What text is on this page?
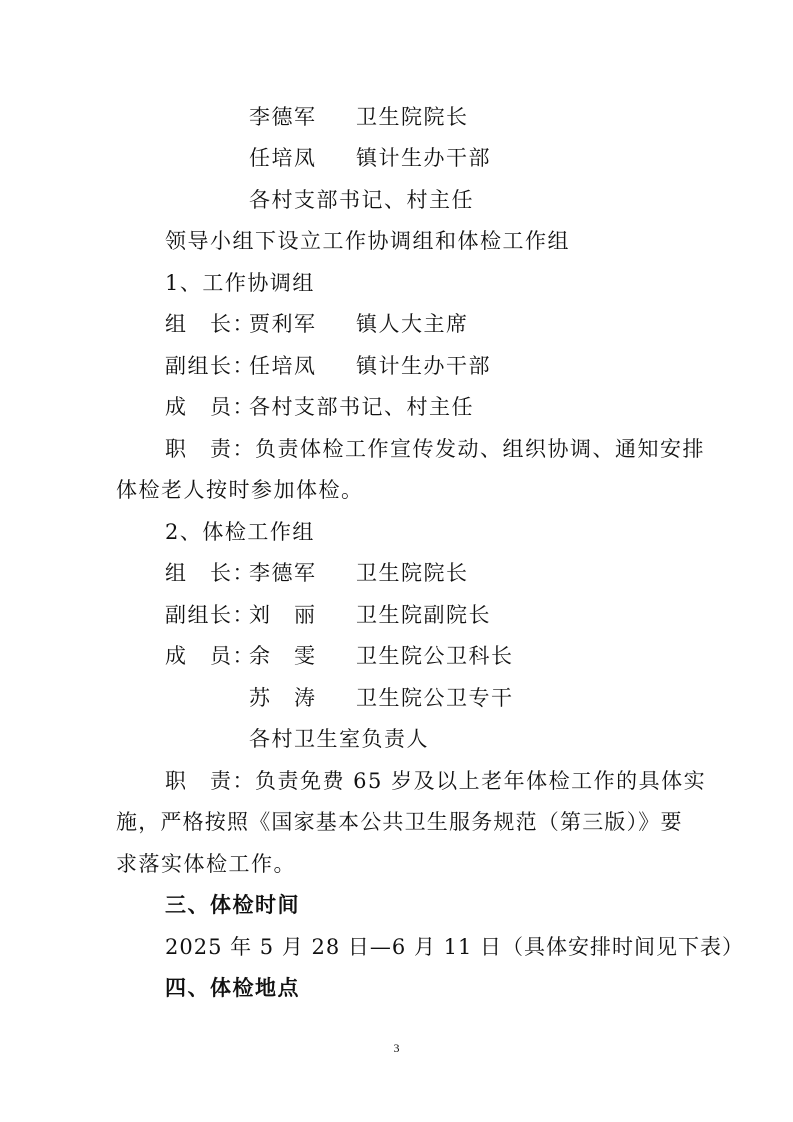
李德军 卫生院院长
任培凤 镇计生办干部
各村支部书记、村主任
领导小组下设立工作协调组和体检工作组
1、工作协调组
组　长：
贾利军 镇人大主席
副组长：
任培凤 镇计生办干部
成　员：
各村支部书记、村主任
职　责：负责体检工作宣传发动、组织协调、通知安排
体检老人按时参加体检。
2、体检工作组
组　长：
李德军 卫生院院长
副组长：
刘　丽 卫生院副院长
成　员：
余　雯 卫生院公卫科长
苏　涛 卫生院公卫专干
各村卫生室负责人
职　责：负责免费 65 岁及以上老年体检工作的具体实
施，严格按照《国家基本公共卫生服务规范（第三版）》要
求落实体检工作。
三、体检时间
2025 年 5 月 28 日—6 月 11 日（具体安排时间见下表）
四、体检地点
3
